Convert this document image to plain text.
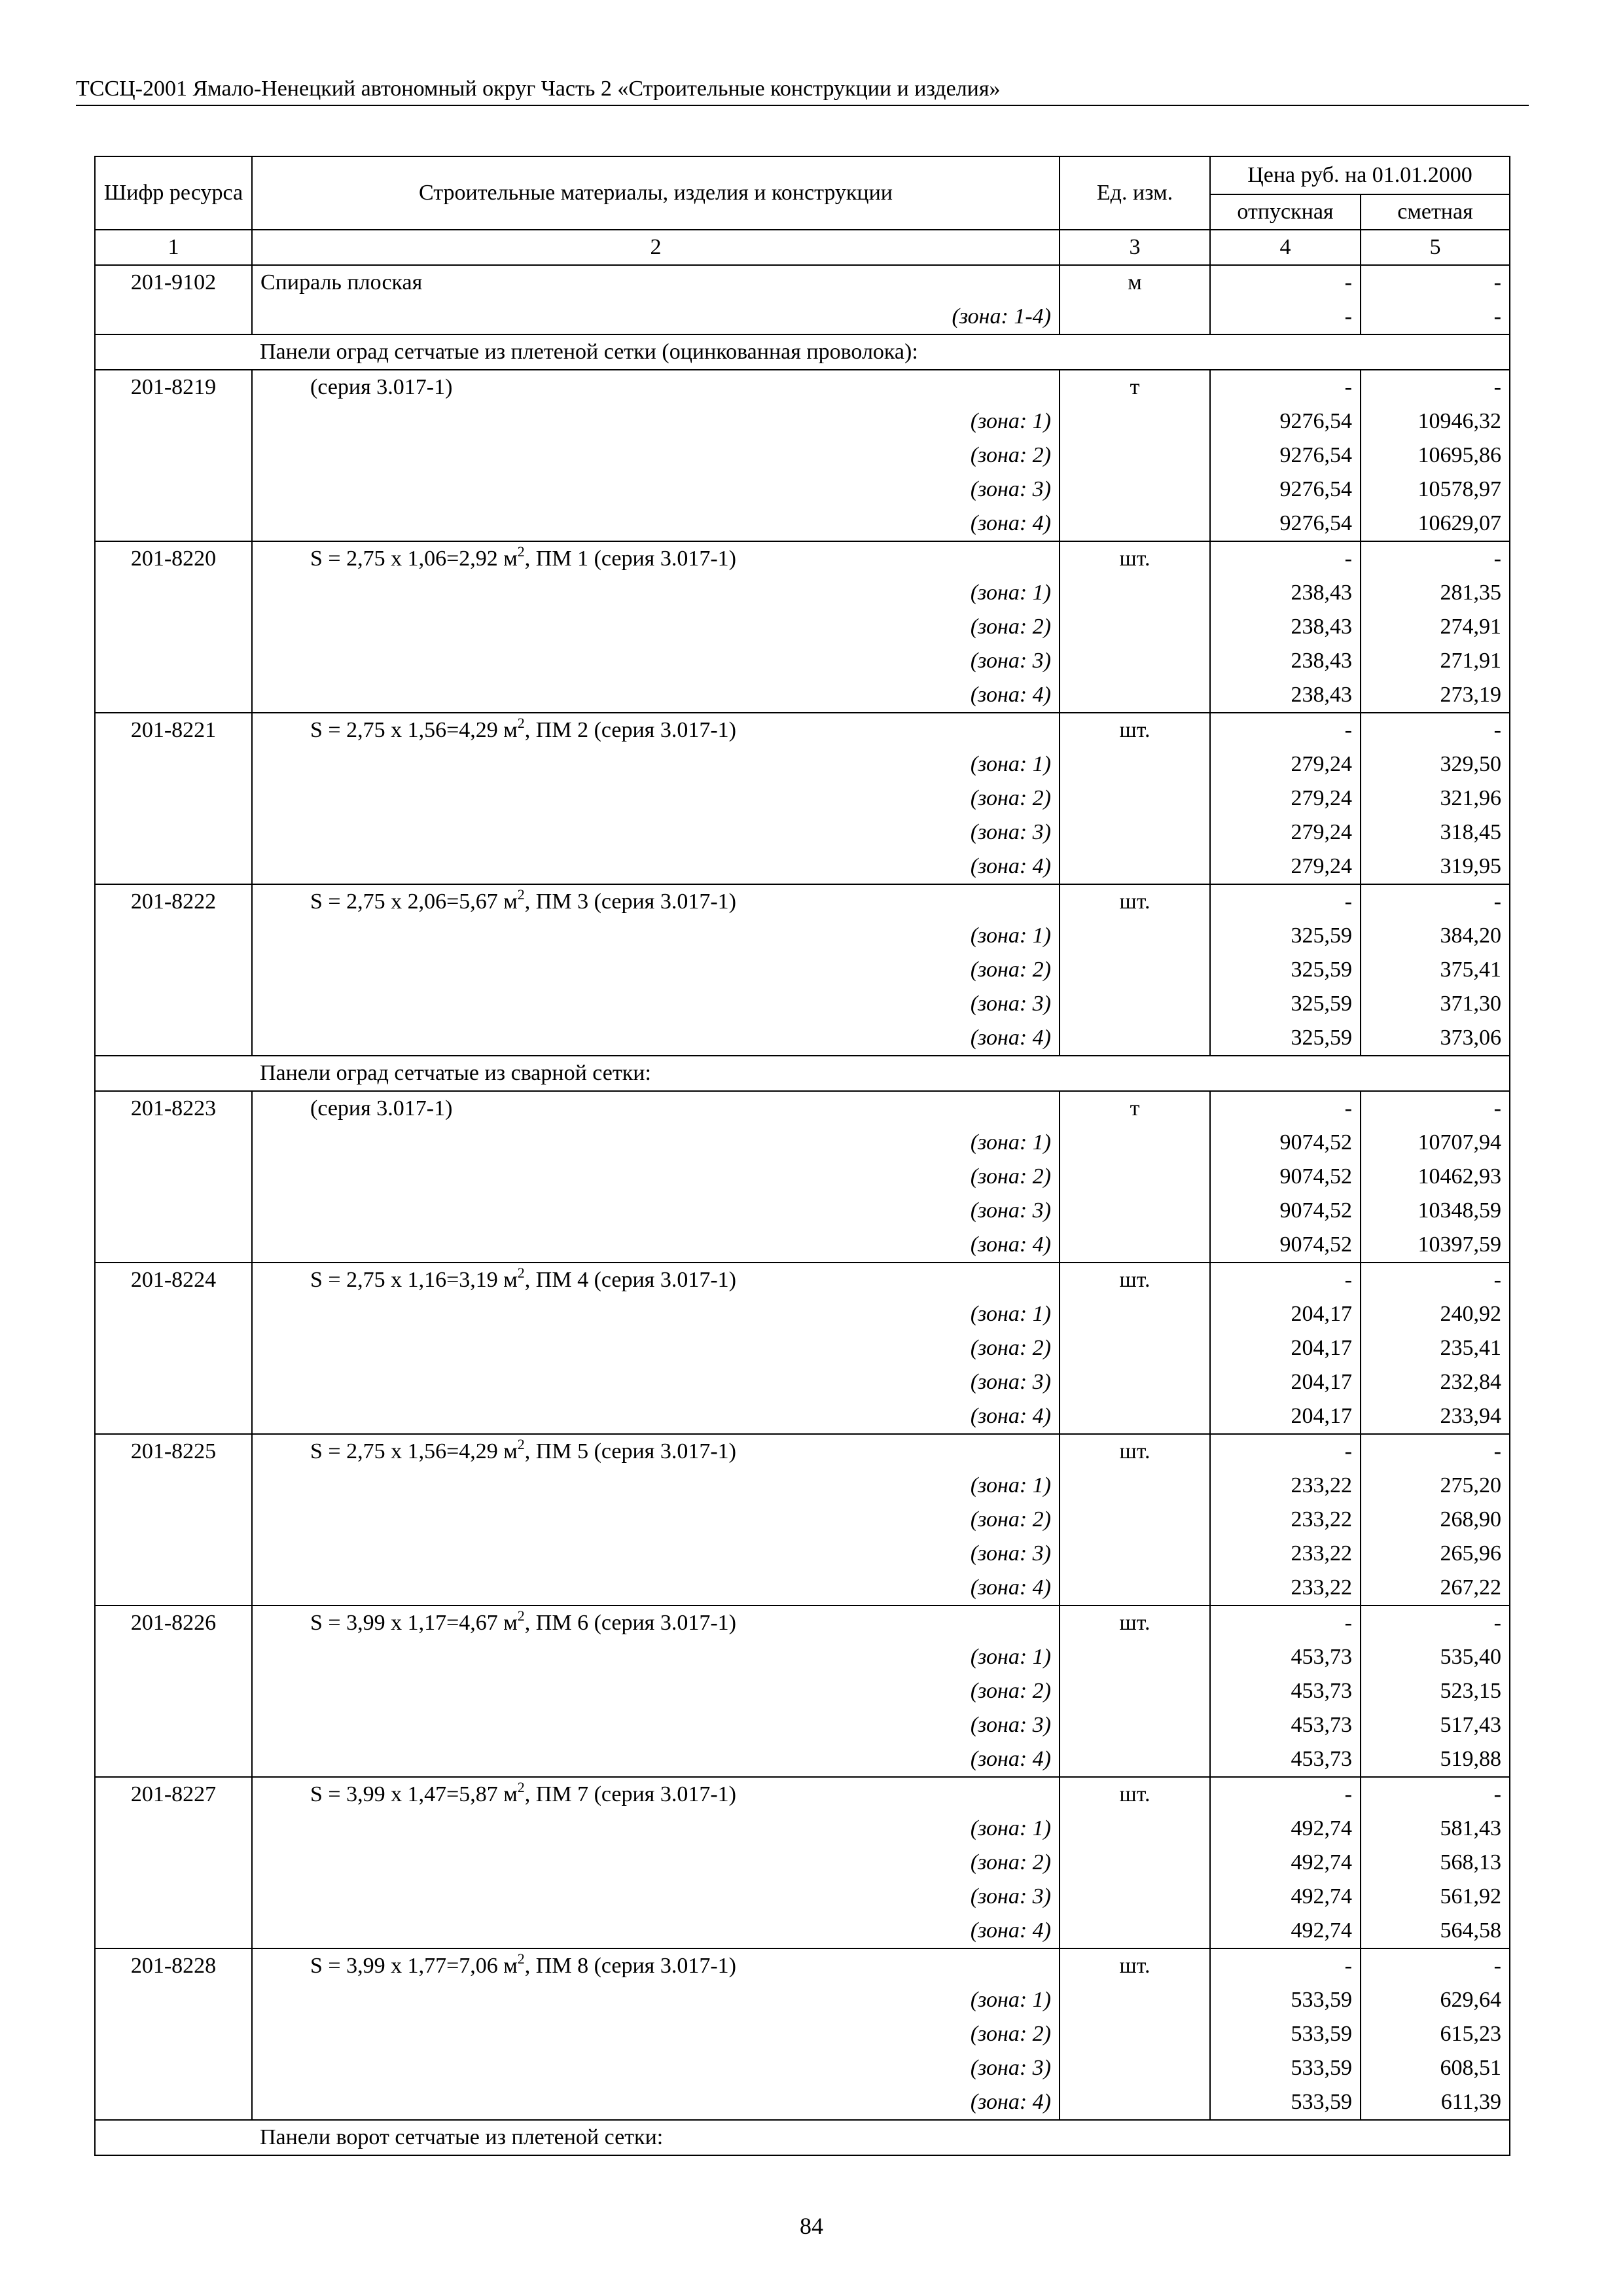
ТССЦ-2001 Ямало-Ненецкий автономный округ Часть 2 «Строительные конструкции и изделия»
Шифр ресурса	Строительные материалы, изделия и конструкции	Ед. изм.	Цена руб. на 01.01.2000	
			отпускная	сметная
1	2	3	4	5
201-9102	Спираль плоская	м	-	-
	(зона: 1-4)		-	-
	Панели оград сетчатые из плетеной сетки (оцинкованная проволока):			
201-8219	(серия 3.017-1)	т	-	-
	(зона: 1)		9276,54	10946,32
	(зона: 2)		9276,54	10695,86
	(зона: 3)		9276,54	10578,97
	(зона: 4)		9276,54	10629,07
201-8220	S = 2,75 х 1,06=2,92 $м^2$, ПМ 1 (серия 3.017-1)	шт.	-	-
	(зона: 1)		238,43	281,35
	(зона: 2)		238,43	274,91
	(зона: 3)		238,43	271,91
	(зона: 4)		238,43	273,19
201-8221	S = 2,75 х 1,56=4,29 $м^2$, ПМ 2 (серия 3.017-1)	шт.	-	-
	(зона: 1)		279,24	329,50
	(зона: 2)		279,24	321,96
	(зона: 3)		279,24	318,45
	(зона: 4)		279,24	319,95
201-8222	S = 2,75 х 2,06=5,67 $м^2$, ПМ 3 (серия 3.017-1)	шт.	-	-
	(зона: 1)		325,59	384,20
	(зона: 2)		325,59	375,41
	(зона: 3)		325,59	371,30
	(зона: 4)		325,59	373,06
	Панели оград сетчатые из сварной сетки:			
201-8223	(серия 3.017-1)	т	-	-
	(зона: 1)		9074,52	10707,94
	(зона: 2)		9074,52	10462,93
	(зона: 3)		9074,52	10348,59
	(зона: 4)		9074,52	10397,59
201-8224	S = 2,75 х 1,16=3,19 $м^2$, ПМ 4 (серия 3.017-1)	шт.	-	-
	(зона: 1)		204,17	240,92
	(зона: 2)		204,17	235,41
	(зона: 3)		204,17	232,84
	(зона: 4)		204,17	233,94
201-8225	S = 2,75 х 1,56=4,29 $м^2$, ПМ 5 (серия 3.017-1)	шт.	-	-
	(зона: 1)		233,22	275,20
	(зона: 2)		233,22	268,90
	(зона: 3)		233,22	265,96
	(зона: 4)		233,22	267,22
201-8226	S = 3,99 х 1,17=4,67 $м^2$, ПМ 6 (серия 3.017-1)	шт.	-	-
	(зона: 1)		453,73	535,40
	(зона: 2)		453,73	523,15
	(зона: 3)		453,73	517,43
	(зона: 4)		453,73	519,88
201-8227	S = 3,99 х 1,47=5,87 $м^2$, ПМ 7 (серия 3.017-1)	шт.	-	-
	(зона: 1)		492,74	581,43
	(зона: 2)		492,74	568,13
	(зона: 3)		492,74	561,92
	(зона: 4)		492,74	564,58
201-8228	S = 3,99 х 1,77=7,06 $м^2$, ПМ 8 (серия 3.017-1)	шт.	-	-
	(зона: 1)		533,59	629,64
	(зона: 2)		533,59	615,23
	(зона: 3)		533,59	608,51
	(зона: 4)		533,59	611,39
	Панели ворот сетчатые из плетеной сетки:			
84
